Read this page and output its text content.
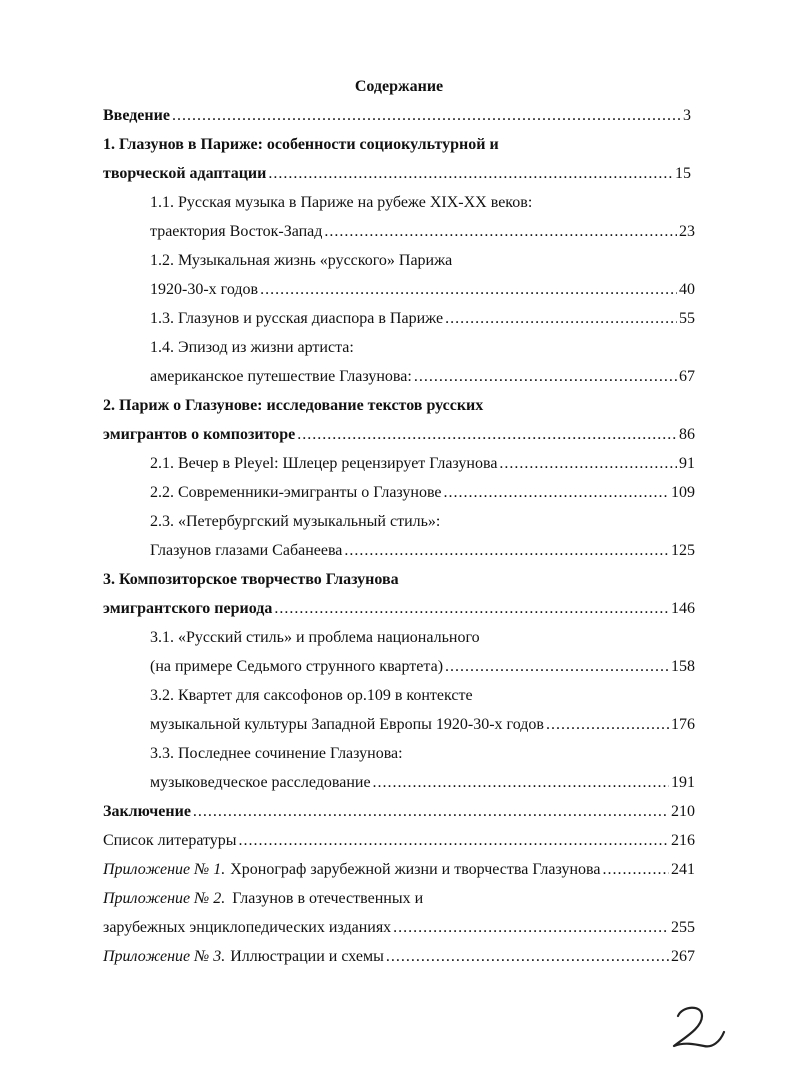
Содержание
Введение .....	3
1. Глазунов в Париже: особенности социокультурной и
творческой адаптации .....	15
1.1. Русская музыка в Париже на рубеже XIX-XX веков:
траектория Восток-Запад .....	23
1.2. Музыкальная жизнь «русского» Парижа
1920-30-х годов .....	40
1.3. Глазунов и русская диаспора в Париже .....	55
1.4. Эпизод из жизни артиста:
американское путешествие Глазунова: .....	67
2. Париж о Глазунове: исследование текстов русских
эмигрантов о композиторе .....	86
2.1. Вечер в Pleyel: Шлецер рецензирует Глазунова .....	91
2.2. Современники-эмигранты о Глазунове .....	109
2.3. «Петербургский музыкальный стиль»:
Глазунов глазами Сабанеева .....	125
3. Композиторское творчество Глазунова
эмигрантского периода .....	146
3.1. «Русский стиль» и проблема национального
(на примере Седьмого струнного квартета) .....	158
3.2. Квартет для саксофонов ор.109 в контексте
музыкальной культуры Западной Европы 1920-30-х годов .....	176
3.3. Последнее сочинение Глазунова:
музыковедческое расследование .....	191
Заключение .....	210
Список литературы .....	216
Приложение № 1. Хронограф зарубежной жизни и творчества Глазунова .....	241
Приложение № 2. Глазунов в отечественных и
зарубежных энциклопедических изданиях .....	255
Приложение № 3. Иллюстрации и схемы .....	267
